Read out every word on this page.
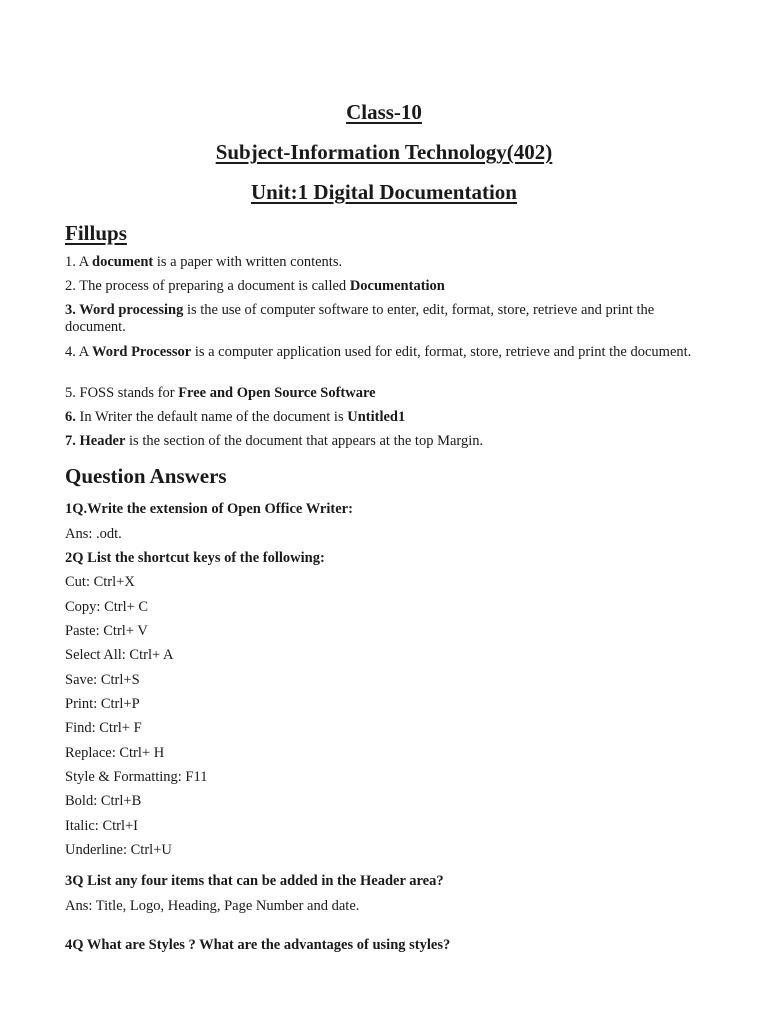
Class-10
Subject-Information Technology(402)
Unit:1 Digital Documentation
Fillups
1. A document is a paper with written contents.
2. The process of preparing a document is called Documentation
3. Word processing is the use of computer software to enter, edit, format, store, retrieve and print the document.
4. A Word Processor is a computer application used for edit, format, store, retrieve and print the document.
5. FOSS stands for Free and Open Source Software
6. In Writer the default name of the document is Untitled1
7. Header is the section of the document that appears at the top Margin.
Question Answers
1Q.Write the extension of Open Office Writer:
Ans: .odt.
2Q List the shortcut keys of the following:
Cut: Ctrl+X
Copy: Ctrl+ C
Paste: Ctrl+ V
Select All: Ctrl+ A
Save: Ctrl+S
Print: Ctrl+P
Find: Ctrl+ F
Replace: Ctrl+ H
Style & Formatting: F11
Bold: Ctrl+B
Italic: Ctrl+I
Underline: Ctrl+U
3Q List any four items that can be added in the Header area?
Ans: Title, Logo, Heading, Page Number and date.
4Q What are Styles ? What are the advantages of using styles?
